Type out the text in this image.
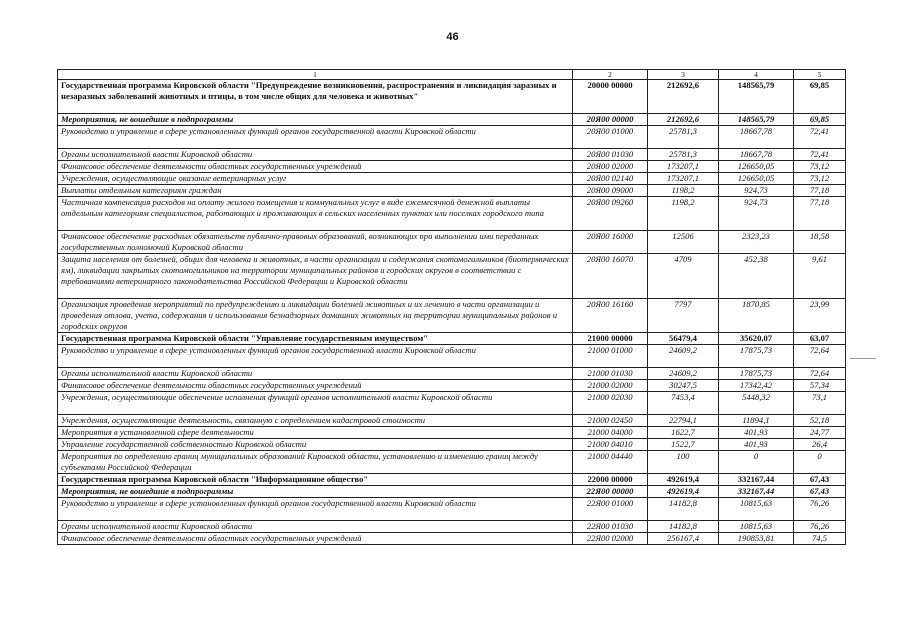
46
1	2	3	4	5
Государственная программа Кировской области "Предупреждение возникновения, распространения и ликвидация заразных и незаразных заболеваний животных и птицы, в том числе общих для человека и животных"	20000 00000	212692,6	148565,79	69,85
Мероприятия, не вошедшие в подпрограммы	20Я00 00000	212692,6	148565,79	69,85
Руководство и управление в сфере установленных функций органов государственной власти Кировской области	20Я00 01000	25781,3	18667,78	72,41
Органы исполнительной власти Кировской области	20Я00 01030	25781,3	18667,78	72,41
Финансовое обеспечение деятельности областных государственных учреждений	20Я00 02000	173207,1	126650,05	73,12
Учреждения, осуществляющие оказание ветеринарных услуг	20Я00 02140	173207,1	126650,05	73,12
Выплаты отдельным категориям граждан	20Я00 09000	1198,2	924,73	77,18
Частичная компенсация расходов на оплату жилого помещения и коммунальных услуг в виде ежемесячной денежной выплаты отдельным категориям специалистов, работающих и проживающих в сельских населенных пунктах или поселках городского типа	20Я00 09260	1198,2	924,73	77,18
Финансовое обеспечение расходных обязательств публично-правовых образований, возникающих при выполнении ими переданных государственных полномочий Кировской области	20Я00 16000	12506	2323,23	18,58
Защита населения от болезней, общих для человека и животных, в части организации и содержания скотомогильников (биотермических ям), ликвидации закрытых скотомогильников на территории муниципальных районов и городских округов в соответствии с требованиями ветеринарного законодательства Российской Федерации и Кировской области	20Я00 16070	4709	452,38	9,61
Организация проведения мероприятий по предупреждению и ликвидации болезней животных и их лечению в части организации и проведения отлова, учета, содержания и использования безнадзорных домашних животных на территории муниципальных районов и городских округов	20Я00 16160	7797	1870,85	23,99
Государственная программа Кировской области "Управление государственным имуществом"	21000 00000	56479,4	35620,07	63,07
Руководство и управление в сфере установленных функций органов государственной власти Кировской области	21000 01000	24609,2	17875,73	72,64
Органы исполнительной власти Кировской области	21000 01030	24609,2	17875,73	72,64
Финансовое обеспечение деятельности областных государственных учреждений	21000 02000	30247,5	17342,42	57,34
Учреждения, осуществляющие обеспечение исполнения функций органов исполнительной власти Кировской области	21000 02030	7453,4	5448,32	73,1
Учреждения, осуществляющие деятельность, связанную с определением кадастровой стоимости	21000 02450	22794,1	11894,1	52,18
Мероприятия в установленной сфере деятельности	21000 04000	1622,7	401,93	24,77
Управление государственной собственностью Кировской области	21000 04010	1522,7	401,93	26,4
Мероприятия по определению границ муниципальных образований Кировской области, установлению и изменению границ между субъектами Российской Федерации	21000 04440	100	0	0
Государственная программа Кировской области "Информационное общество"	22000 00000	492619,4	332167,44	67,43
Мероприятия, не вошедшие в подпрограммы	22Я00 00000	492619,4	332167,44	67,43
Руководство и управление в сфере установленных функций органов государственной власти Кировской области	22Я00 01000	14182,8	10815,63	76,26
Органы исполнительной власти Кировской области	22Я00 01030	14182,8	10815,63	76,26
Финансовое обеспечение деятельности областных государственных учреждений	22Я00 02000	256167,4	190853,81	74,5
